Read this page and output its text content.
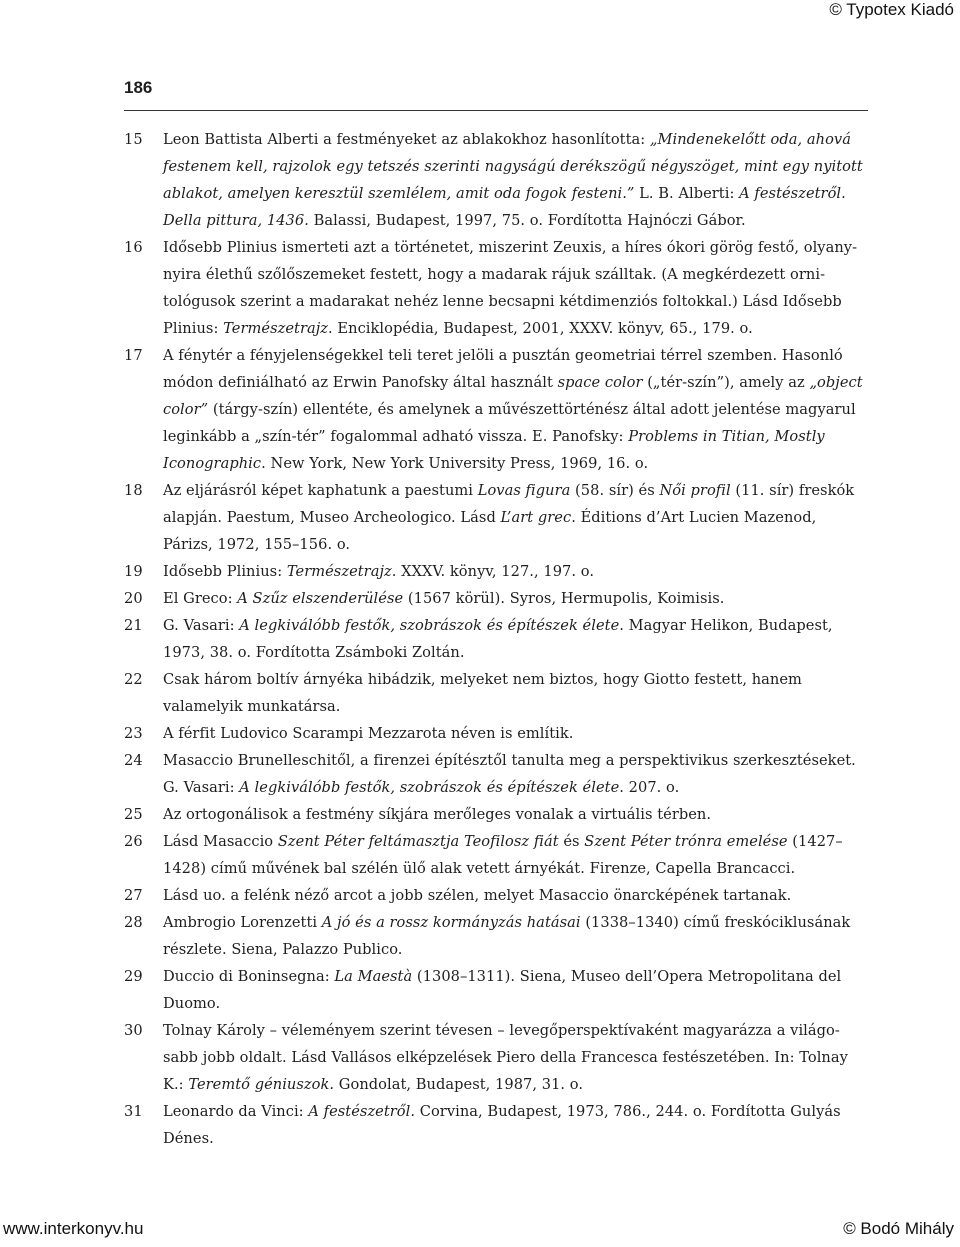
© Typotex Kiadó
186
15	Leon Battista Alberti a festményeket az ablakokhoz hasonlította: „Mindenekelőtt oda, ahová festenem kell, rajzolok egy tetszés szerinti nagyságú derékszögű négyszöget, mint egy nyitott ablakot, amelyen keresztül szemlélem, amit oda fogok festeni.” L. B. Alberti: A festészetről. Della pittura, 1436. Balassi, Budapest, 1997, 75. o. Fordította Hajnóczi Gábor.
16	Idősebb Plinius ismerteti azt a történetet, miszerint Zeuxis, a híres ókori görög festő, olyanynyira élethű szőlőszemeket festett, hogy a madarak rájuk szálltak. (A megkérdezett ornitológusok szerint a madarakat nehéz lenne becsapni kétdimenziós foltokkal.) Lásd Idősebb Plinius: Természetrajz. Enciklopédia, Budapest, 2001, XXXV. könyv, 65., 179. o.
17	A fénytér a fényjelenségekkel teli teret jelöli a pusztán geometriai térrel szemben. Hasonló módon definiálható az Erwin Panofsky által használt space color („tér-szín”), amely az „object color” (tárgy-szín) ellentéte, és amelynek a művészettörténész által adott jelentése magyarul leginkább a „szín-tér” fogalommal adható vissza. E. Panofsky: Problems in Titian, Mostly Iconographic. New York, New York University Press, 1969, 16. o.
18	Az eljárásról képet kaphatunk a paestumi Lovas figura (58. sír) és Női profil (11. sír) freskók alapján. Paestum, Museo Archeologico. Lásd L’art grec. Éditions d’Art Lucien Mazenod, Párizs, 1972, 155–156. o.
19	Idősebb Plinius: Természetrajz. XXXV. könyv, 127., 197. o.
20	El Greco: A Szűz elszenderülése (1567 körül). Syros, Hermupolis, Koimisis.
21	G. Vasari: A legkiválóbb festők, szobrászok és építészek élete. Magyar Helikon, Budapest, 1973, 38. o. Fordította Zsámboki Zoltán.
22	Csak három boltív árnyéka hibádzik, melyeket nem biztos, hogy Giotto festett, hanem valamelyik munkatársa.
23	A férfit Ludovico Scarampi Mezzarota néven is említik.
24	Masaccio Brunelleschitől, a firenzei építésztől tanulta meg a perspektivikus szerkesztéseket. G. Vasari: A legkiválóbb festők, szobrászok és építészek élete. 207. o.
25	Az ortogonálisok a festmény síkjára merőleges vonalak a virtuális térben.
26	Lásd Masaccio Szent Péter feltámasztja Teofilosz fiát és Szent Péter trónra emelése (1427–1428) című művének bal szélén ülő alak vetett árnyékát. Firenze, Capella Brancacci.
27	Lásd uo. a felénk néző arcot a jobb szélen, melyet Masaccio önarcképének tartanak.
28	Ambrogio Lorenzetti A jó és a rossz kormányzás hatásai (1338–1340) című freskóciklusának részlete. Siena, Palazzo Publico.
29	Duccio di Boninsegna: La Maestà (1308–1311). Siena, Museo dell’Opera Metropolitana del Duomo.
30	Tolnay Károly – véleményem szerint tévesen – levegőperspektívaként magyarázza a világosabb jobb oldalt. Lásd Vallásos elképzelések Piero della Francesca festészetében. In: Tolnay K.: Teremtő géniuszok. Gondolat, Budapest, 1987, 31. o.
31	Leonardo da Vinci: A festészetről. Corvina, Budapest, 1973, 786., 244. o. Fordította Gulyás Dénes.
www.interkonyv.hu	© Bodó Mihály
